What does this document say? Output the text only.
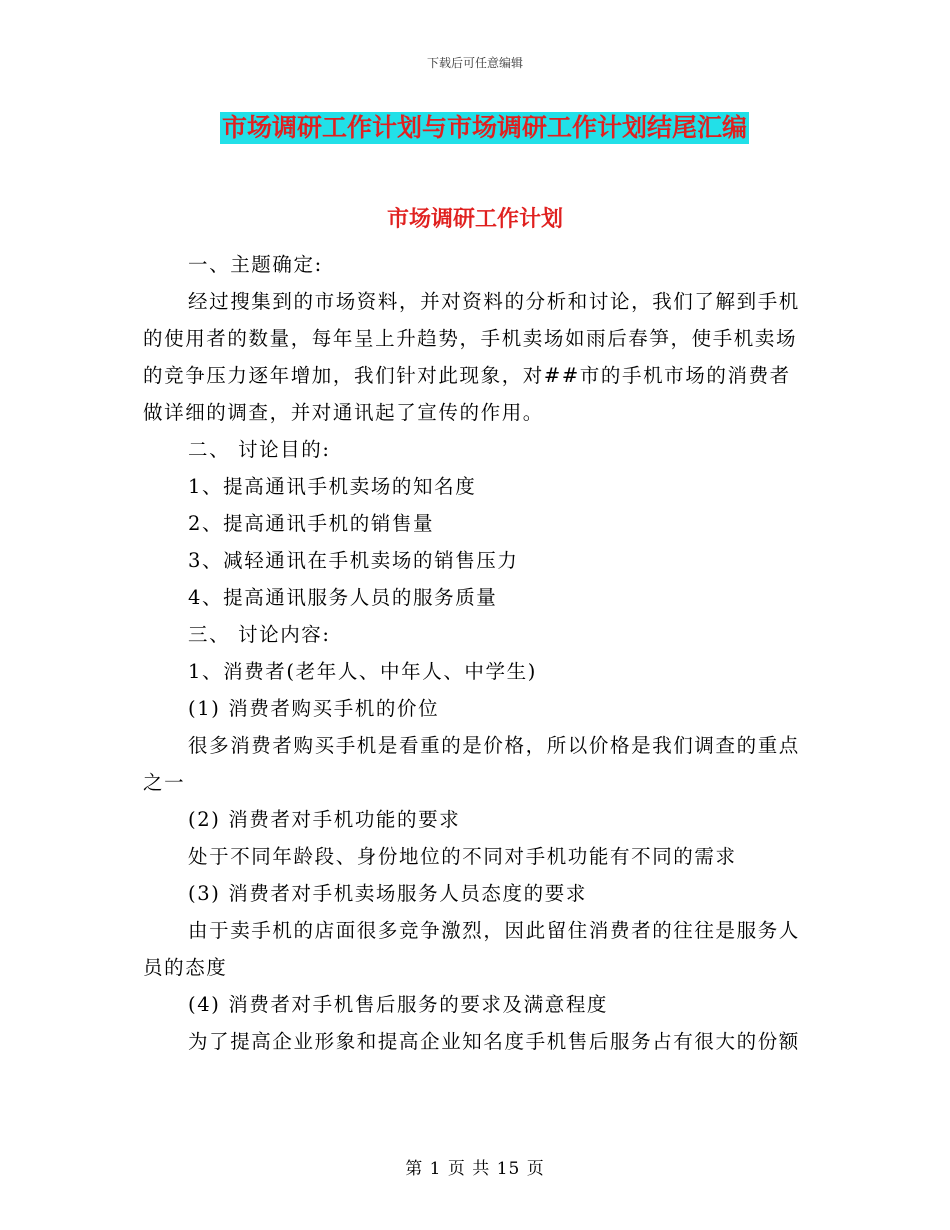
下载后可任意编辑
市场调研工作计划与市场调研工作计划结尾汇编
市场调研工作计划

一、主题确定:

经过搜集到的市场资料，并对资料的分析和讨论，我们了解到手机的使用者的数量，每年呈上升趋势，手机卖场如雨后春笋，使手机卖场的竞争压力逐年增加，我们针对此现象，对##市的手机市场的消费者做详细的调查，并对通讯起了宣传的作用。

二、 讨论目的:

1、提高通讯手机卖场的知名度

2、提高通讯手机的销售量

3、减轻通讯在手机卖场的销售压力

4、提高通讯服务人员的服务质量

三、 讨论内容:

1、消费者(老年人、中年人、中学生)

(1) 消费者购买手机的价位

很多消费者购买手机是看重的是价格，所以价格是我们调查的重点之一

(2) 消费者对手机功能的要求

处于不同年龄段、身份地位的不同对手机功能有不同的需求

(3) 消费者对手机卖场服务人员态度的要求

由于卖手机的店面很多竞争激烈，因此留住消费者的往往是服务人员的态度

(4) 消费者对手机售后服务的要求及满意程度

为了提高企业形象和提高企业知名度手机售后服务占有很大的份额

第 1 页 共 15 页
